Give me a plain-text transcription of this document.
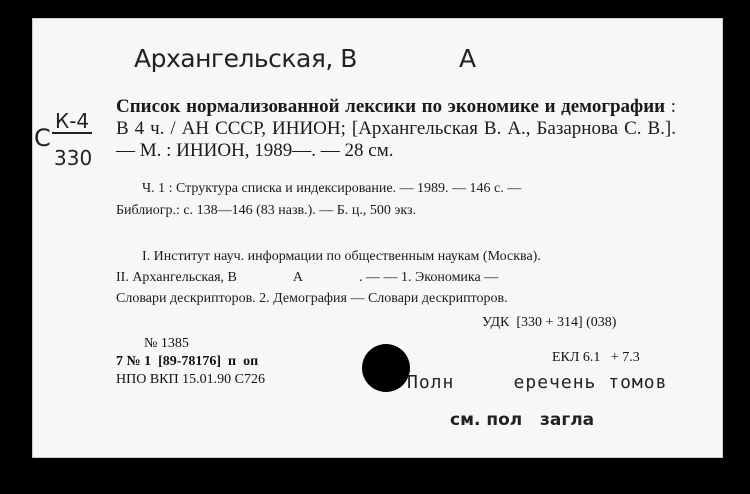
Архангельская, В	А
С
К-4
330
Список нормализованной лексики по экономике и демографии : В 4 ч. / АН СССР, ИНИОН; [Архангельская В. А., Базарнова С. В.]. — М. : ИНИОН, 1989—. — 28 см.
Ч. 1 : Структура списка и индексирование. — 1989. — 146 с. —
Библиогр.: с. 138—146 (83 назв.). — Б. ц., 500 экз.
I. Институт науч. информации по общественным наукам (Москва).
II. Архангельская, В                А                . — — 1. Экономика —
Словари дескрипторов. 2. Демография — Словари дескрипторов.
УДК  [330 + 314] (038)
№ 1385
7 № 1  [89-78176]  п  оп
НПО ВКП 15.01.90 С726
ЕКЛ 6.1   + 7.3
Полн     еречень томов
см. пол   загла
